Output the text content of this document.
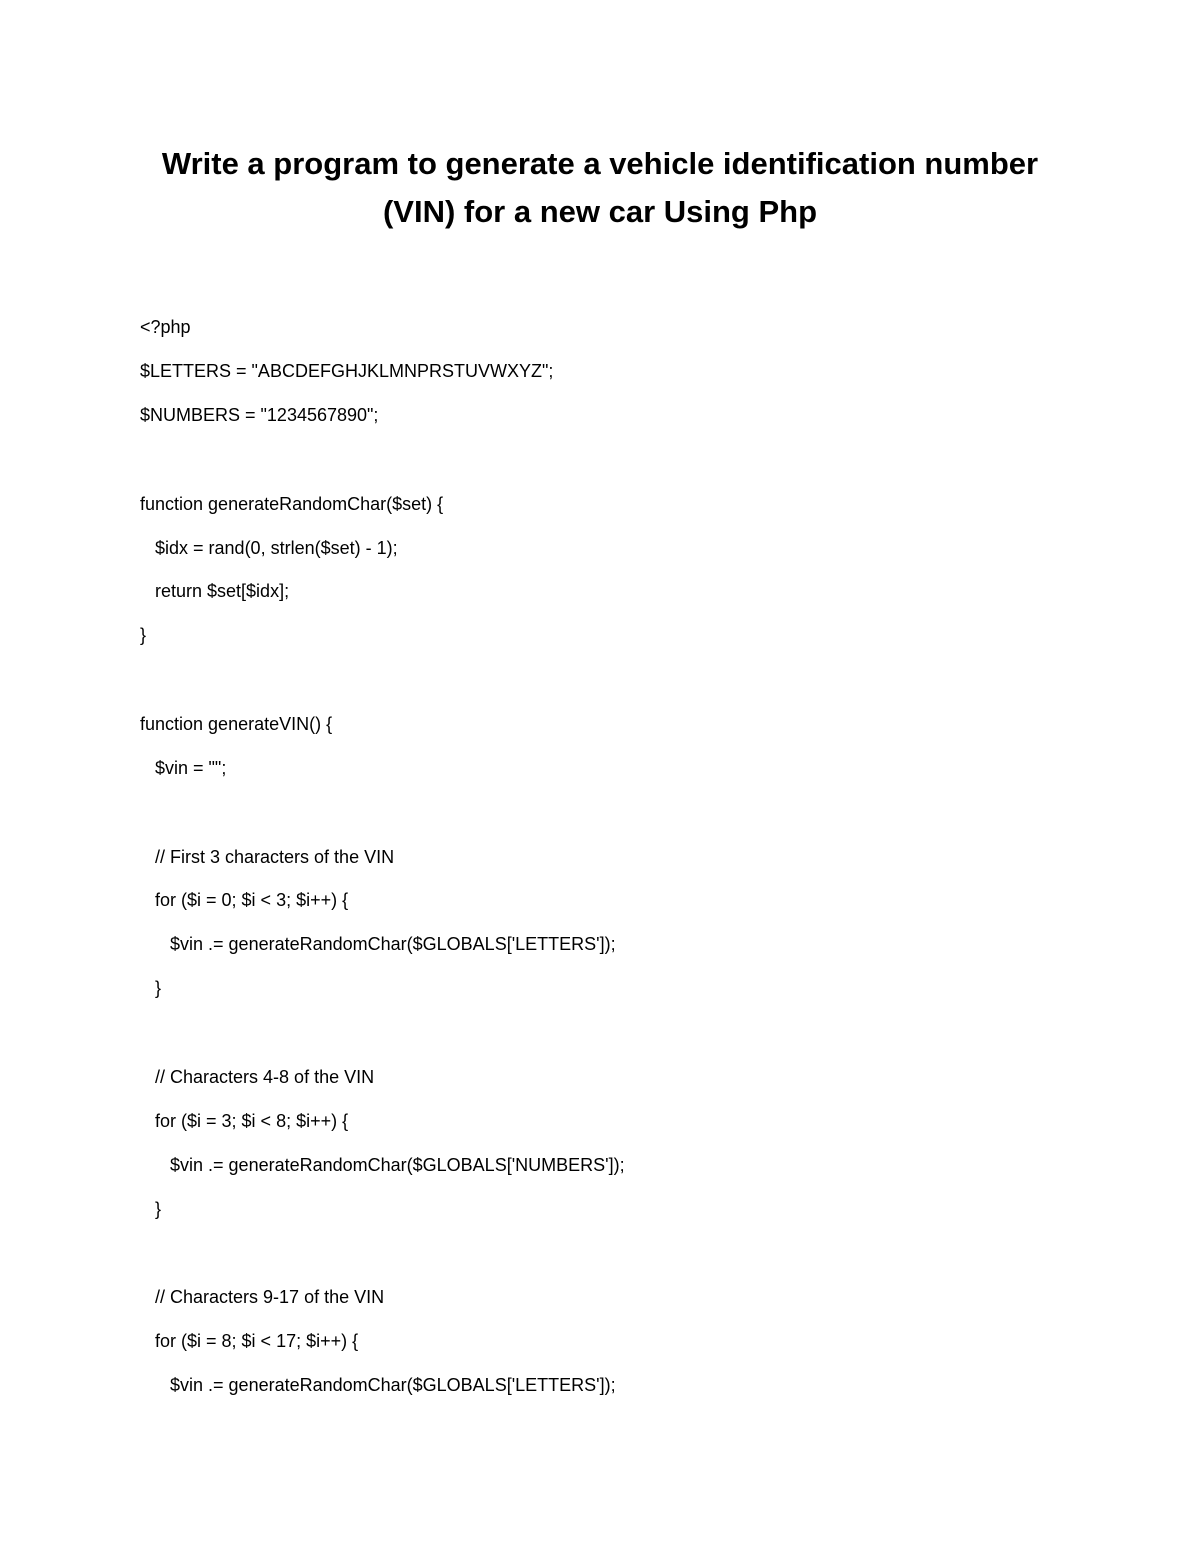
Write a program to generate a vehicle identification number
(VIN) for a new car Using Php
<?php
$LETTERS = "ABCDEFGHJKLMNPRSTUVWXYZ";
$NUMBERS = "1234567890";
function generateRandomChar($set) {
$idx = rand(0, strlen($set) - 1);
return $set[$idx];
}
function generateVIN() {
$vin = "";
// First 3 characters of the VIN
for ($i = 0; $i < 3; $i++) {
$vin .= generateRandomChar($GLOBALS['LETTERS']);
}
// Characters 4-8 of the VIN
for ($i = 3; $i < 8; $i++) {
$vin .= generateRandomChar($GLOBALS['NUMBERS']);
}
// Characters 9-17 of the VIN
for ($i = 8; $i < 17; $i++) {
$vin .= generateRandomChar($GLOBALS['LETTERS']);
